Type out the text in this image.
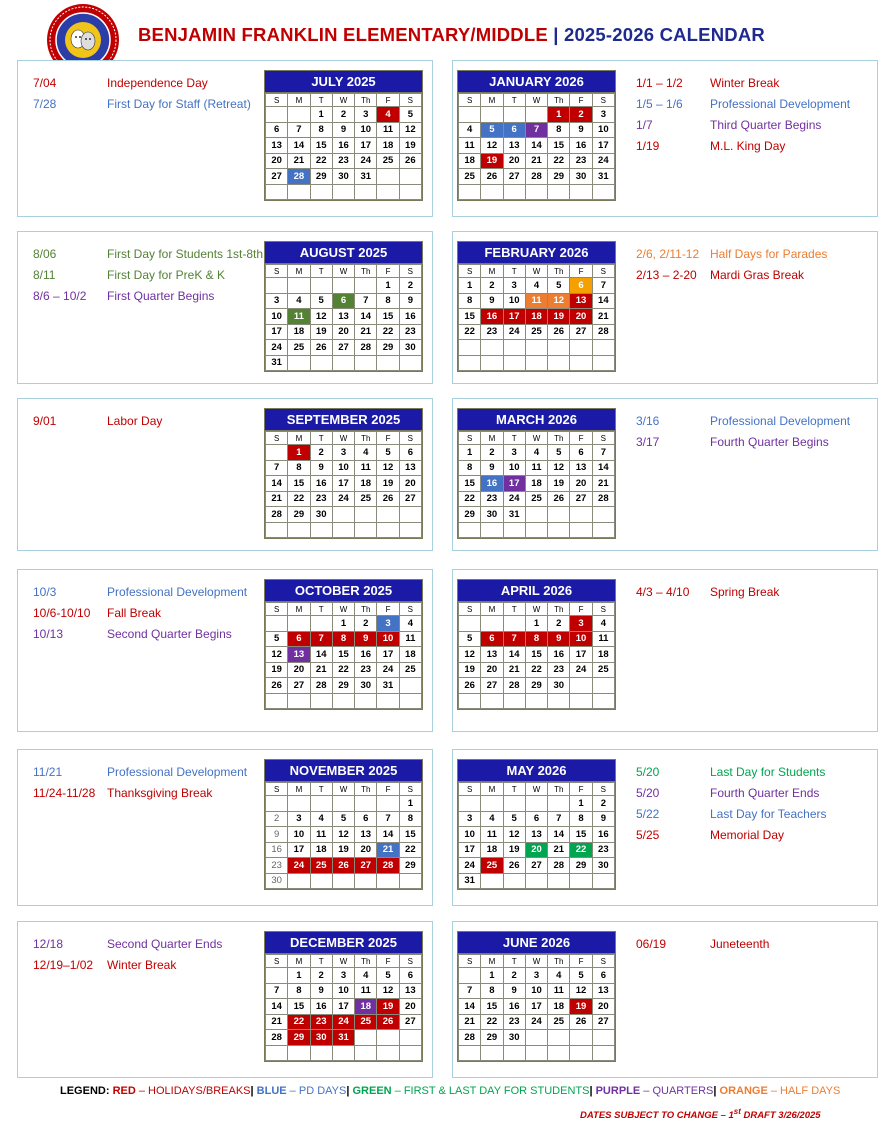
BENJAMIN FRANKLIN ELEMENTARY/MIDDLE | 2025-2026 CALENDAR
LEGEND: RED – HOLIDAYS/BREAKS| BLUE – PD DAYS| GREEN – FIRST & LAST DAY FOR STUDENTS| PURPLE – QUARTERS| ORANGE – HALF DAYS
DATES SUBJECT TO CHANGE – 1st DRAFT 3/26/2025
7/04	Independence Day
7/28	First Day for Staff (Retreat)
JULY 2025
S	M	T	W	Th	F	S
		1	2	3	4	5
6	7	8	9	10	11	12
13	14	15	16	17	18	19
20	21	22	23	24	25	26
27	28	29	30	31		

1/1 – 1/2 Winter Break
1/5 – 1/6 Professional Development
1/7	Third Quarter Begins
1/19	M.L. King Day
JANUARY 2026
S	M	T	W	Th	F	S
				1	2	3
4	5	6	7	8	9	10
11	12	13	14	15	16	17
18	19	20	21	22	23	24
25	26	27	28	29	30	31

8/06	First Day for Students 1st-8th
8/11	First Day for PreK & K
8/6 – 10/2 First Quarter Begins
AUGUST 2025
S	M	T	W	Th	F	S
					1	2
3	4	5	6	7	8	9
10	11	12	13	14	15	16
17	18	19	20	21	22	23
24	25	26	27	28	29	30
31						
2/6, 2/11-12 Half Days for Parades
2/13 – 2-20 Mardi Gras Break
FEBRUARY 2026
S	M	T	W	Th	F	S
1	2	3	4	5	6	7
8	9	10	11	12	13	14
15	16	17	18	19	20	21
22	23	24	25	26	27	28

9/01	Labor Day	SEPTEMBER 2025
S	M	T	W	Th	F	S
	1	2	3	4	5	6
7	8	9	10	11	12	13
14	15	16	17	18	19	20
21	22	23	24	25	26	27
28	29	30				

3/16	Professional Development
3/17	Fourth Quarter Begins
MARCH 2026
S	M	T	W	Th	F	S
1	2	3	4	5	6	7
8	9	10	11	12	13	14
15	16	17	18	19	20	21
22	23	24	25	26	27	28
29	30	31				

10/3	Professional Development
10/6-10/10 Fall Break
10/13	Second Quarter Begins
OCTOBER 2025
S	M	T	W	Th	F	S
			1	2	3	4
5	6	7	8	9	10	11
12	13	14	15	16	17	18
19	20	21	22	23	24	25
26	27	28	29	30	31	

4/3 – 4/10 Spring Break
APRIL 2026
S	M	T	W	Th	F	S
			1	2	3	4
5	6	7	8	9	10	11
12	13	14	15	16	17	18
19	20	21	22	23	24	25
26	27	28	29	30		

11/21	Professional Development
11/24-11/28 Thanksgiving Break
NOVEMBER 2025
S	M	T	W	Th	F	S
						1
2	3	4	5	6	7	8
9	10	11	12	13	14	15
16	17	18	19	20	21	22
23	24	25	26	27	28	29
30						
5/20	Last Day for Students
5/20	Fourth Quarter Ends
5/22	Last Day for Teachers
5/25	Memorial Day
MAY 2026
S	M	T	W	Th	F	S
					1	2
3	4	5	6	7	8	9
10	11	12	13	14	15	16
17	18	19	20	21	22	23
24	25	26	27	28	29	30
31						
12/18	Second Quarter Ends
12/19–1/02 Winter Break
DECEMBER 2025
S	M	T	W	Th	F	S
	1	2	3	4	5	6
7	8	9	10	11	12	13
14	15	16	17	18	19	20
21	22	23	24	25	26	27
28	29	30	31			

06/19	Juneteenth
JUNE 2026
S	M	T	W	Th	F	S
	1	2	3	4	5	6
7	8	9	10	11	12	13
14	15	16	17	18	19	20
21	22	23	24	25	26	27
28	29	30				
